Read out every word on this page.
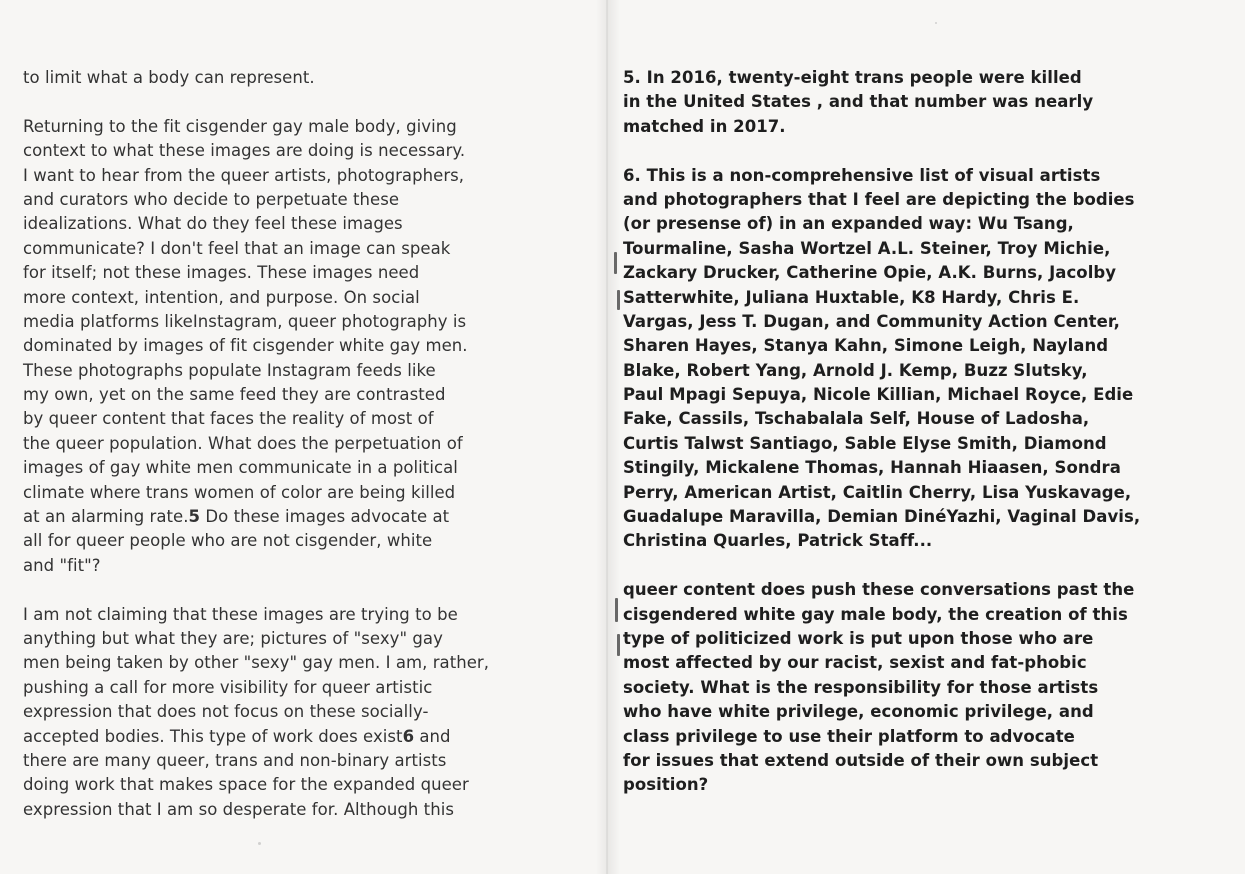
to limit what a body can represent.
Returning to the fit cisgender gay male body, giving
context to what these images are doing is necessary.
I want to hear from the queer artists, photographers,
and curators who decide to perpetuate these
idealizations. What do they feel these images
communicate? I don't feel that an image can speak
for itself; not these images. These images need
more context, intention, and purpose. On social
media platforms likeInstagram, queer photography is
dominated by images of fit cisgender white gay men.
These photographs populate Instagram feeds like
my own, yet on the same feed they are contrasted
by queer content that faces the reality of most of
the queer population. What does the perpetuation of
images of gay white men communicate in a political
climate where trans women of color are being killed
at an alarming rate.5 Do these images advocate at
all for queer people who are not cisgender, white
and "fit"?
I am not claiming that these images are trying to be
anything but what they are; pictures of "sexy" gay
men being taken by other "sexy" gay men. I am, rather,
pushing a call for more visibility for queer artistic
expression that does not focus on these socially-
accepted bodies. This type of work does exist6 and
there are many queer, trans and non-binary artists
doing work that makes space for the expanded queer
expression that I am so desperate for. Although this
5. In 2016, twenty-eight trans people were killed
in the United States , and that number was nearly
matched in 2017.
6. This is a non-comprehensive list of visual artists
and photographers that I feel are depicting the bodies
(or presense of) in an expanded way: Wu Tsang,
Tourmaline, Sasha Wortzel A.L. Steiner, Troy Michie,
Zackary Drucker, Catherine Opie, A.K. Burns, Jacolby
Satterwhite, Juliana Huxtable, K8 Hardy, Chris E.
Vargas, Jess T. Dugan, and Community Action Center,
Sharen Hayes, Stanya Kahn, Simone Leigh, Nayland
Blake, Robert Yang, Arnold J. Kemp, Buzz Slutsky,
Paul Mpagi Sepuya, Nicole Killian, Michael Royce, Edie
Fake, Cassils, Tschabalala Self, House of Ladosha,
Curtis Talwst Santiago, Sable Elyse Smith, Diamond
Stingily, Mickalene Thomas, Hannah Hiaasen, Sondra
Perry, American Artist, Caitlin Cherry, Lisa Yuskavage,
Guadalupe Maravilla, Demian DinéYazhi, Vaginal Davis,
Christina Quarles, Patrick Staff...
queer content does push these conversations past the
cisgendered white gay male body, the creation of this
type of politicized work is put upon those who are
most affected by our racist, sexist and fat-phobic
society. What is the responsibility for those artists
who have white privilege, economic privilege, and
class privilege to use their platform to advocate
for issues that extend outside of their own subject
position?
